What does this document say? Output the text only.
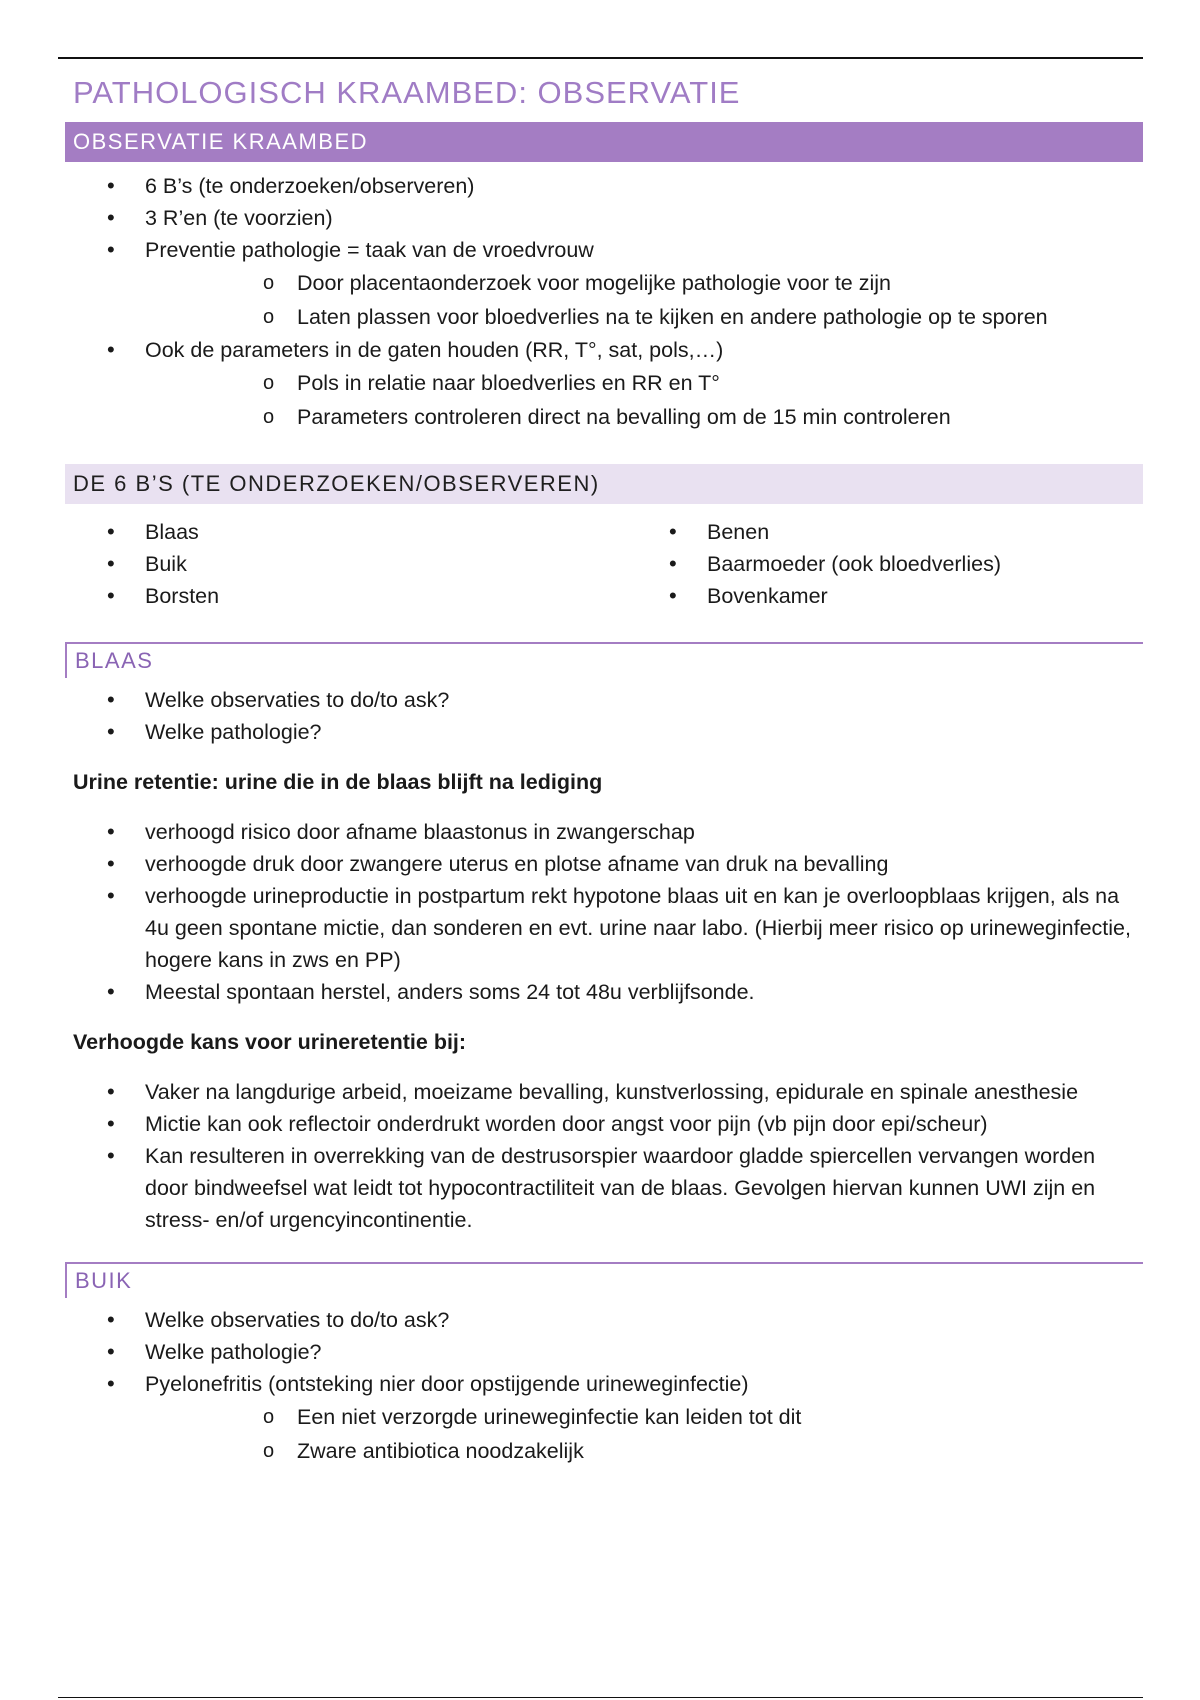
PATHOLOGISCH KRAAMBED: OBSERVATIE
OBSERVATIE KRAAMBED
• 6 B’s (te onderzoeken/observeren)
• 3 R’en (te voorzien)
• Preventie pathologie = taak van de vroedvrouw
o Door placentaonderzoek voor mogelijke pathologie voor te zijn
o Laten plassen voor bloedverlies na te kijken en andere pathologie op te sporen
• Ook de parameters in de gaten houden (RR, T°, sat, pols,…)
o Pols in relatie naar bloedverlies en RR en T°
o Parameters controleren direct na bevalling om de 15 min controleren
DE 6 B’S (TE ONDERZOEKEN/OBSERVEREN)
• Blaas
• Buik
• Borsten
• Benen
• Baarmoeder (ook bloedverlies)
• Bovenkamer
BLAAS
• Welke observaties to do/to ask?
• Welke pathologie?

Urine retentie: urine die in de blaas blijft na lediging

• verhoogd risico door afname blaastonus in zwangerschap
• verhoogde druk door zwangere uterus en plotse afname van druk na bevalling
• verhoogde urineproductie in postpartum rekt hypotone blaas uit en kan je overloopblaas krijgen, als na 4u geen spontane mictie, dan sonderen en evt. urine naar labo. (Hierbij meer risico op urineweginfectie, hogere kans in zws en PP)
• Meestal spontaan herstel, anders soms 24 tot 48u verblijfsonde.

Verhoogde kans voor urineretentie bij:

• Vaker na langdurige arbeid, moeizame bevalling, kunstverlossing, epidurale en spinale anesthesie
• Mictie kan ook reflectoir onderdrukt worden door angst voor pijn (vb pijn door epi/scheur)
• Kan resulteren in overrekking van de destrusorspier waardoor gladde spiercellen vervangen worden door bindweefsel wat leidt tot hypocontractiliteit van de blaas. Gevolgen hiervan kunnen UWI zijn en stress- en/of urgencyincontinentie.
BUIK
• Welke observaties to do/to ask?
• Welke pathologie?
• Pyelonefritis (ontsteking nier door opstijgende urineweginfectie)
o Een niet verzorgde urineweginfectie kan leiden tot dit
o Zware antibiotica noodzakelijk
